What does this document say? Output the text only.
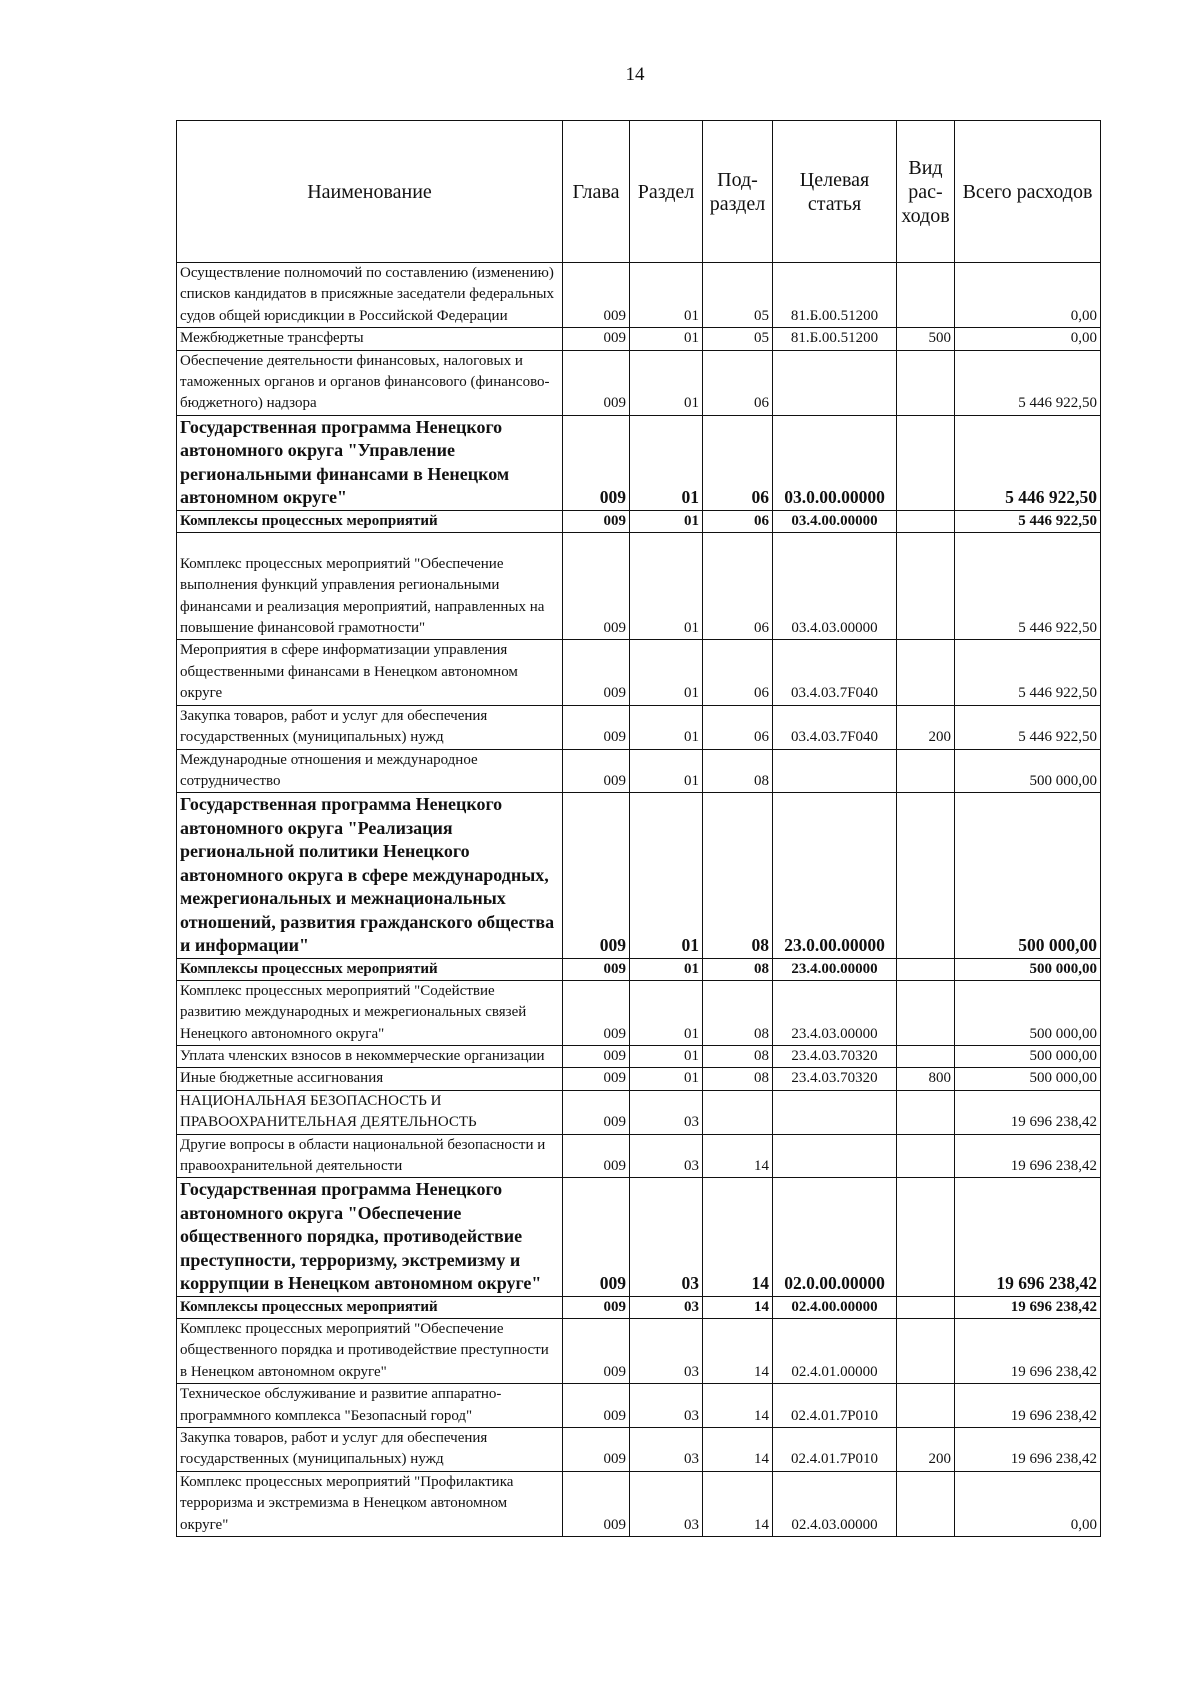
14
Наименование	Глава	Раздел	Под-раздел	Целевая статья	Вид рас-ходов	Всего расходов
Осуществление полномочий по составлению (изменению) списков кандидатов в присяжные заседатели федеральных судов общей юрисдикции в Российской Федерации	009	01	05	81.Б.00.51200		0,00
Межбюджетные трансферты	009	01	05	81.Б.00.51200	500	0,00
Обеспечение деятельности финансовых, налоговых и таможенных органов и органов финансового (финансово-бюджетного) надзора	009	01	06			5 446 922,50
Государственная программа Ненецкого автономного округа "Управление региональными финансами в Ненецком автономном округе"	009	01	06	03.0.00.00000		5 446 922,50
Комплексы процессных мероприятий	009	01	06	03.4.00.00000		5 446 922,50
Комплекс процессных мероприятий "Обеспечение выполнения функций управления региональными финансами и реализация мероприятий, направленных на повышение финансовой грамотности"	009	01	06	03.4.03.00000		5 446 922,50
Мероприятия в сфере информатизации управления общественными финансами в Ненецком автономном округе	009	01	06	03.4.03.7F040		5 446 922,50
Закупка товаров, работ и услуг для обеспечения государственных (муниципальных) нужд	009	01	06	03.4.03.7F040	200	5 446 922,50
Международные отношения и международное сотрудничество	009	01	08			500 000,00
Государственная программа Ненецкого автономного округа "Реализация региональной политики Ненецкого автономного округа в сфере международных, межрегиональных и межнациональных отношений, развития гражданского общества и информации"	009	01	08	23.0.00.00000		500 000,00
Комплексы процессных мероприятий	009	01	08	23.4.00.00000		500 000,00
Комплекс процессных мероприятий "Содействие развитию международных и межрегиональных связей Ненецкого автономного округа"	009	01	08	23.4.03.00000		500 000,00
Уплата членских взносов в некоммерческие организации	009	01	08	23.4.03.70320		500 000,00
Иные бюджетные ассигнования	009	01	08	23.4.03.70320	800	500 000,00
НАЦИОНАЛЬНАЯ БЕЗОПАСНОСТЬ И ПРАВООХРАНИТЕЛЬНАЯ ДЕЯТЕЛЬНОСТЬ	009	03				19 696 238,42
Другие вопросы в области национальной безопасности и правоохранительной деятельности	009	03	14			19 696 238,42
Государственная программа Ненецкого автономного округа "Обеспечение общественного порядка, противодействие преступности, терроризму, экстремизму и коррупции в Ненецком автономном округе"	009	03	14	02.0.00.00000		19 696 238,42
Комплексы процессных мероприятий	009	03	14	02.4.00.00000		19 696 238,42
Комплекс процессных мероприятий "Обеспечение общественного порядка и противодействие преступности в Ненецком автономном округе"	009	03	14	02.4.01.00000		19 696 238,42
Техническое обслуживание и развитие аппаратно-программного комплекса "Безопасный город"	009	03	14	02.4.01.7Р010		19 696 238,42
Закупка товаров, работ и услуг для обеспечения государственных (муниципальных) нужд	009	03	14	02.4.01.7Р010	200	19 696 238,42
Комплекс процессных мероприятий "Профилактика терроризма и экстремизма в Ненецком автономном округе"	009	03	14	02.4.03.00000		0,00
